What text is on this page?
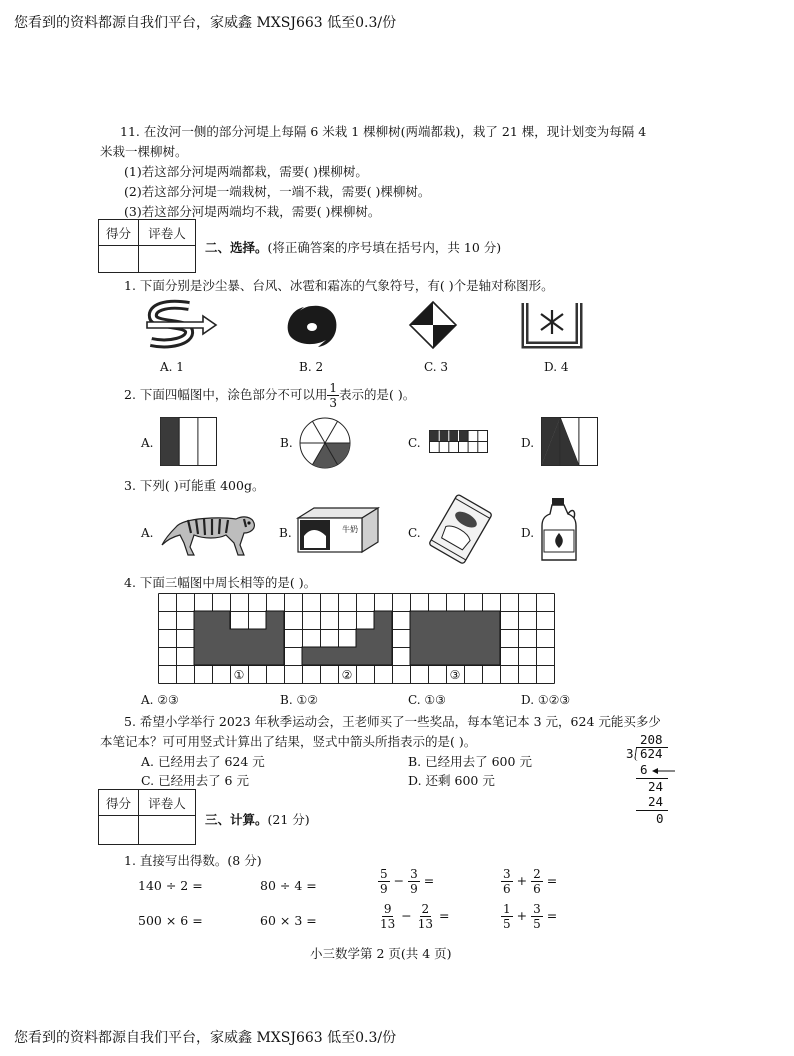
您看到的资料都源自我们平台，家威鑫 MXSJ663 低至0.3/份
11. 在汝河一侧的部分河堤上每隔 6 米栽 1 棵柳树(两端都栽)，栽了 21 棵，现计划变为每隔 4
米栽一棵柳树。
(1)若这部分河堤两端都栽，需要( )棵柳树。
(2)若这部分河堤一端栽树，一端不栽，需要( )棵柳树。
(3)若这部分河堤两端均不栽，需要( )棵柳树。
得分	评卷人
二、选择。(将正确答案的序号填在括号内，共 10 分)
1. 下面分别是沙尘暴、台风、冰雹和霜冻的气象符号，有( )个是轴对称图形。
A. 1	B. 2	C. 3	D. 4
2. 下面四幅图中，涂色部分不可以用 $\frac{1}{3}$ 表示的是( )。
A.	B.	C.	D.
3. 下列( )可能重 400g。
A.	B.	牛奶	C.	D.
4. 下面三幅图中周长相等的是( )。
①	②	③
A. ②③	B. ①②	C. ①③	D. ①②③
5. 希望小学举行 2023 年秋季运动会，王老师买了一些奖品，每本笔记本 3 元，624 元能买多少
本笔记本？可可用竖式计算出了结果，竖式中箭头所指表示的是( )。
A. 已经用去了 624 元	B. 已经用去了 600 元
C. 已经用去了 6 元	D. 还剩 600 元
208
3 624
6
24
24
0
得分	评卷人
三、计算。(21 分)
1. 直接写出得数。(8 分)
140 ÷ 2 =	80 ÷ 4 =	$\frac{5}{9} - \frac{3}{9}$ =	$\frac{3}{6} + \frac{2}{6}$ =
500 × 6 =	60 × 3 =	$\frac{9}{13} - \frac{2}{13}$ =	$\frac{1}{5} + \frac{3}{5}$ =
小三数学第 2 页(共 4 页)
您看到的资料都源自我们平台，家威鑫 MXSJ663 低至0.3/份
